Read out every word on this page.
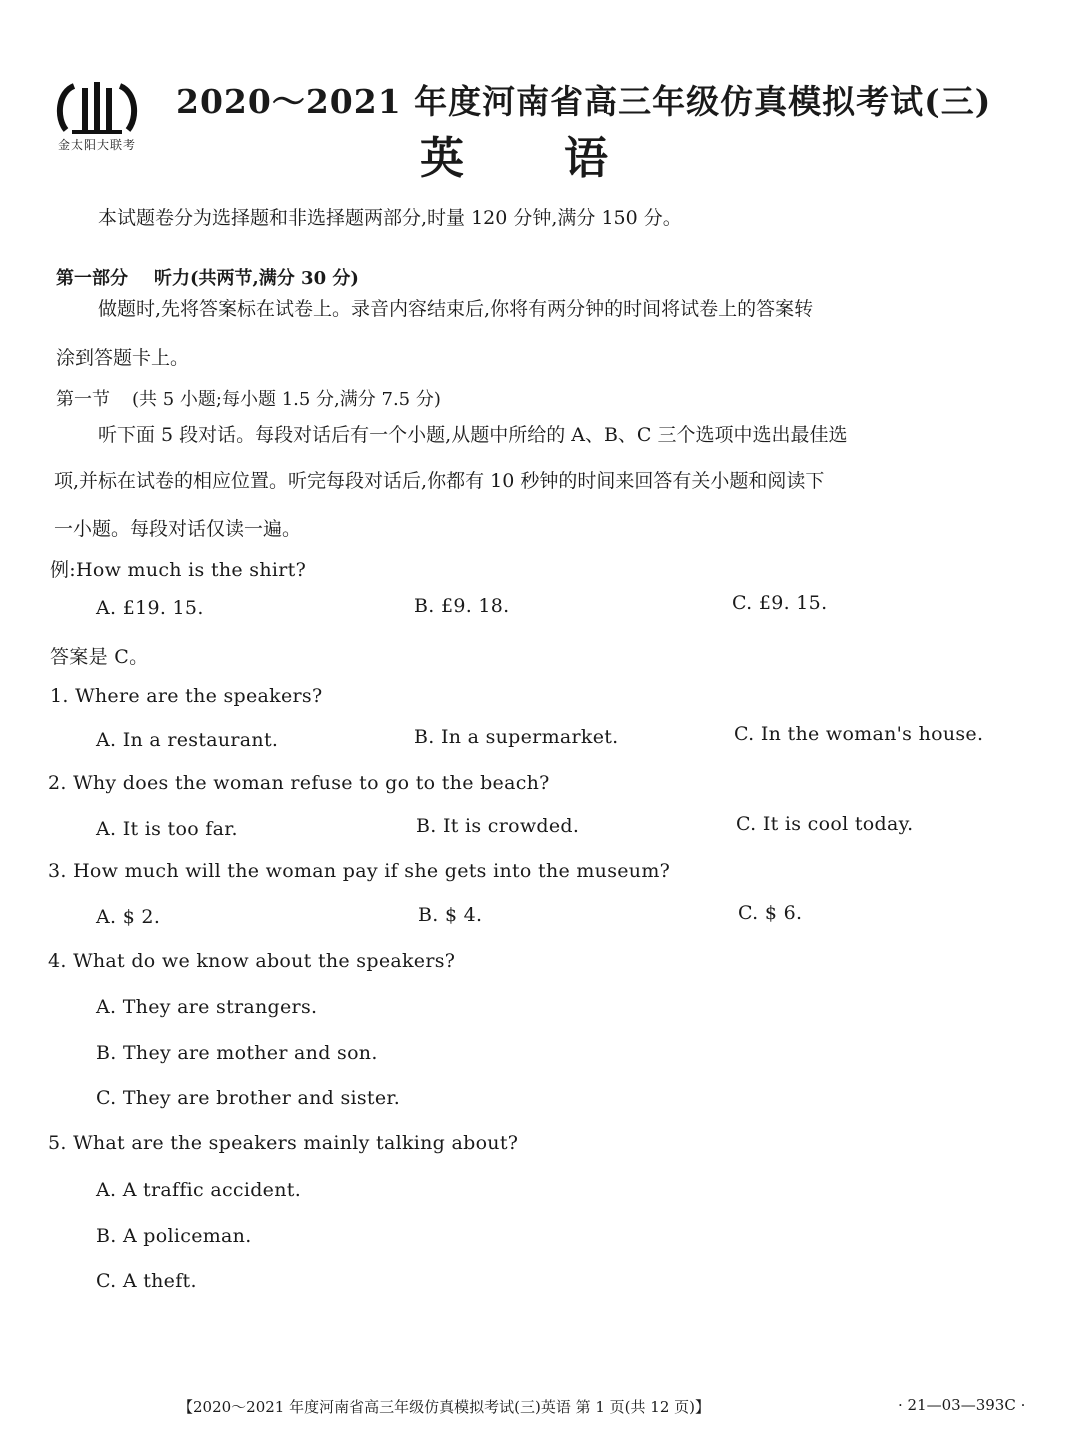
金太阳大联考
2020～2021 年度河南省高三年级仿真模拟考试(三)
英语
本试题卷分为选择题和非选择题两部分,时量 120 分钟,满分 150 分。
第一部分 听力(共两节,满分 30 分)
做题时,先将答案标在试卷上。录音内容结束后,你将有两分钟的时间将试卷上的答案转
涂到答题卡上。
第一节 (共 5 小题;每小题 1.5 分,满分 7.5 分)
听下面 5 段对话。每段对话后有一个小题,从题中所给的 A、B、C 三个选项中选出最佳选
项,并标在试卷的相应位置。听完每段对话后,你都有 10 秒钟的时间来回答有关小题和阅读下
一小题。每段对话仅读一遍。
例:How much is the shirt?
A. £19. 15.	B. £9. 18.	C. £9. 15.
答案是 C。
1. Where are the speakers?
A. In a restaurant.	B. In a supermarket.	C. In the woman's house.
2. Why does the woman refuse to go to the beach?
A. It is too far.	B. It is crowded.	C. It is cool today.
3. How much will the woman pay if she gets into the museum?
A. $ 2.	B. $ 4.	C. $ 6.
4. What do we know about the speakers?
A. They are strangers.
B. They are mother and son.
C. They are brother and sister.
5. What are the speakers mainly talking about?
A. A traffic accident.
B. A policeman.
C. A theft.
【2020～2021 年度河南省高三年级仿真模拟考试(三)英语 第 1 页(共 12 页)】	· 21—03—393C ·
